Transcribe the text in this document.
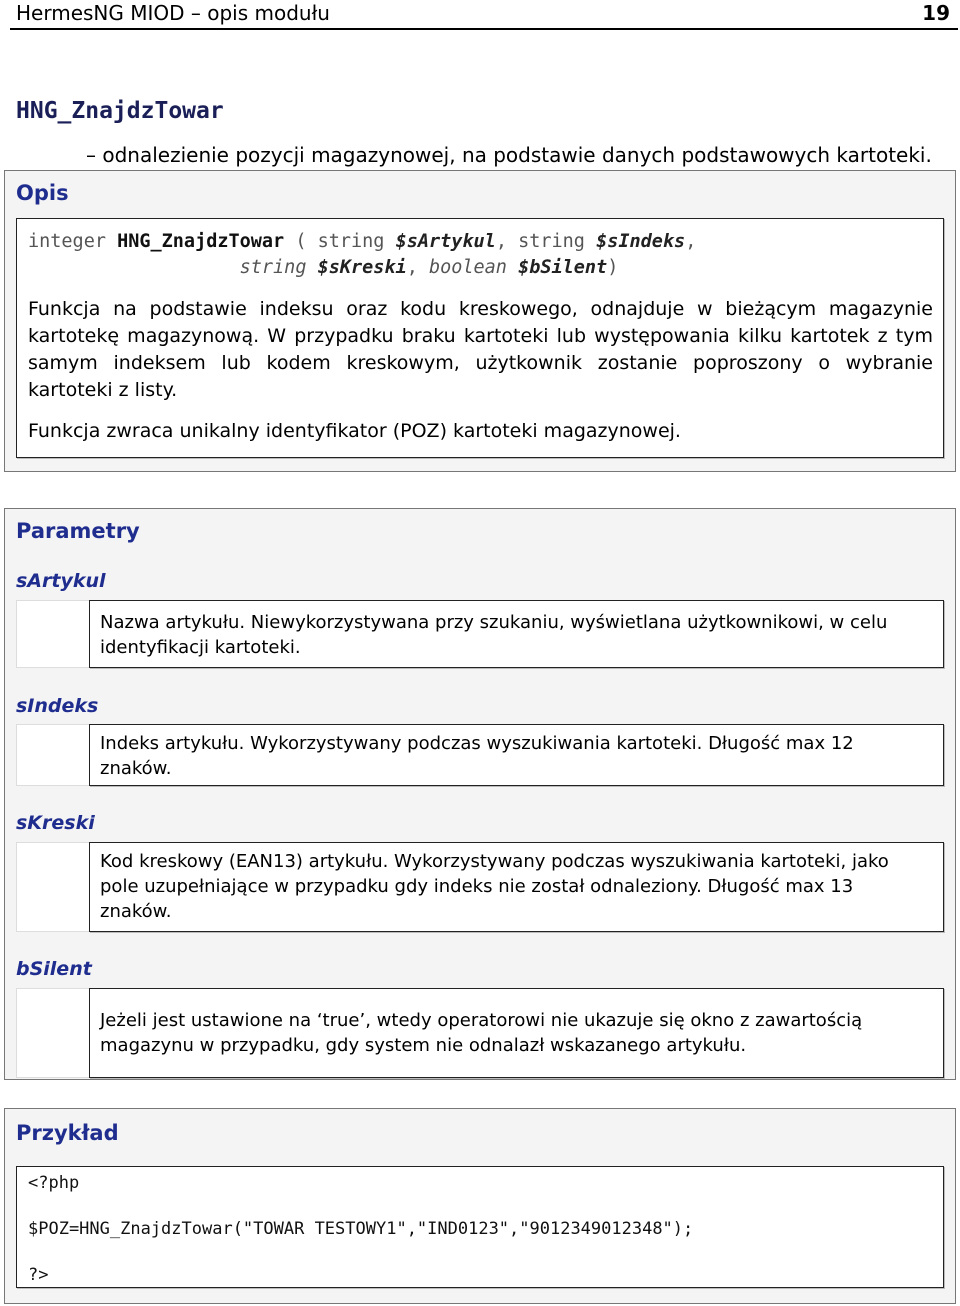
HermesNG MIOD – opis modułu	19
HNG_ZnajdzTowar
– odnalezienie pozycji magazynowej, na podstawie danych podstawowych kartoteki.
Opis
integer HNG_ZnajdzTowar ( string $sArtykul, string $sIndeks,
string $sKreski, boolean $bSilent)
Funkcja na podstawie indeksu oraz kodu kreskowego, odnajduje w bieżącym magazynie kartotekę magazynową. W przypadku braku kartoteki lub występowania kilku kartotek z tym samym indeksem lub kodem kreskowym, użytkownik zostanie poproszony o wybranie kartoteki z listy.
Funkcja zwraca unikalny identyfikator (POZ) kartoteki magazynowej.
Parametry
sArtykul
Nazwa artykułu. Niewykorzystywana przy szukaniu, wyświetlana użytkownikowi, w celu identyfikacji kartoteki.
sIndeks
Indeks artykułu. Wykorzystywany podczas wyszukiwania kartoteki. Długość max 12 znaków.
sKreski
Kod kreskowy (EAN13) artykułu. Wykorzystywany podczas wyszukiwania kartoteki, jako pole uzupełniające w przypadku gdy indeks nie został odnaleziony. Długość max 13 znaków.
bSilent
Jeżeli jest ustawione na ‘true’, wtedy operatorowi nie ukazuje się okno z zawartością magazynu w przypadku, gdy system nie odnalazł wskazanego artykułu.
Przykład
<?php
$POZ=HNG_ZnajdzTowar("TOWAR TESTOWY1","IND0123","9012349012348");
?>
